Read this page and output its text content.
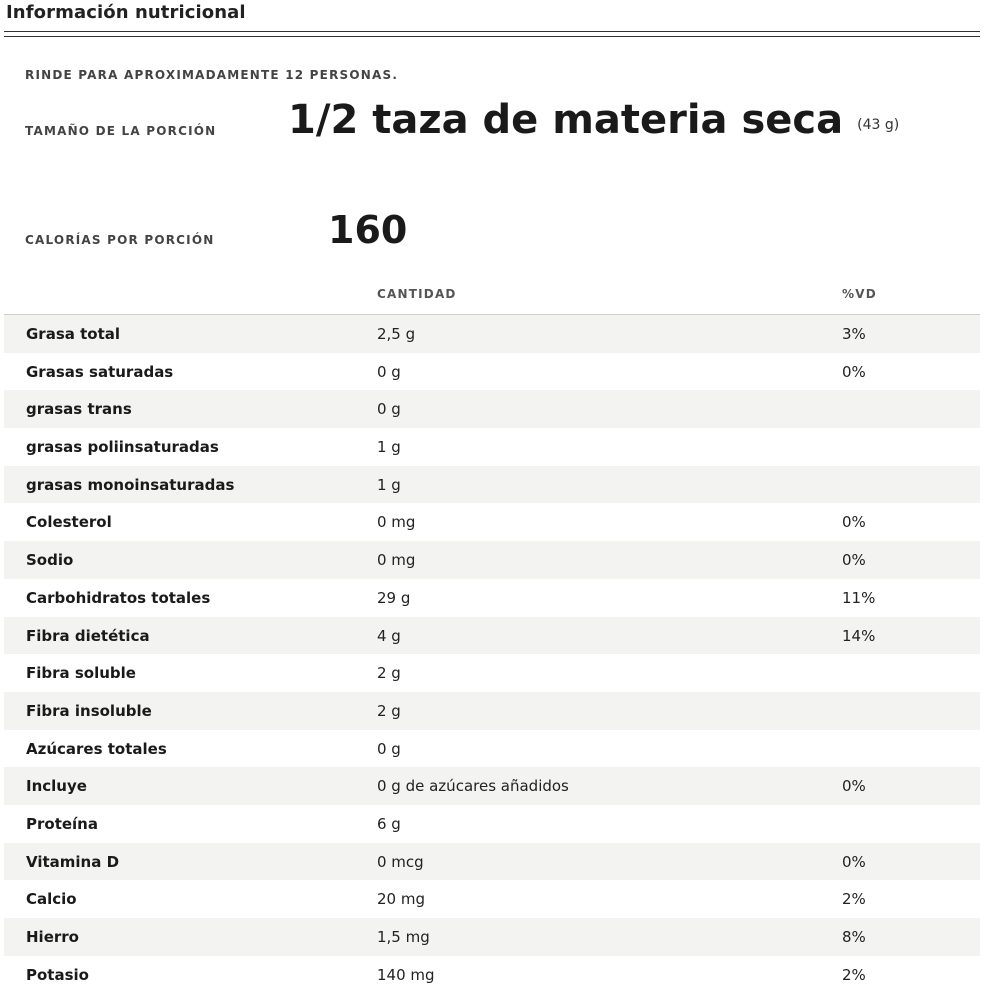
Información nutricional
RINDE PARA APROXIMADAMENTE 12 PERSONAS.
TAMAÑO DE LA PORCIÓN	1/2 taza de materia seca (43 g)
CALORÍAS POR PORCIÓN	160
CANTIDAD	%VD
Grasa total	2,5 g	3%
Grasas saturadas	0 g	0%
grasas trans	0 g
grasas poliinsaturadas	1 g
grasas monoinsaturadas	1 g
Colesterol	0 mg	0%
Sodio	0 mg	0%
Carbohidratos totales	29 g	11%
Fibra dietética	4 g	14%
Fibra soluble	2 g
Fibra insoluble	2 g
Azúcares totales	0 g
Incluye	0 g de azúcares añadidos	0%
Proteína	6 g
Vitamina D	0 mcg	0%
Calcio	20 mg	2%
Hierro	1,5 mg	8%
Potasio	140 mg	2%
